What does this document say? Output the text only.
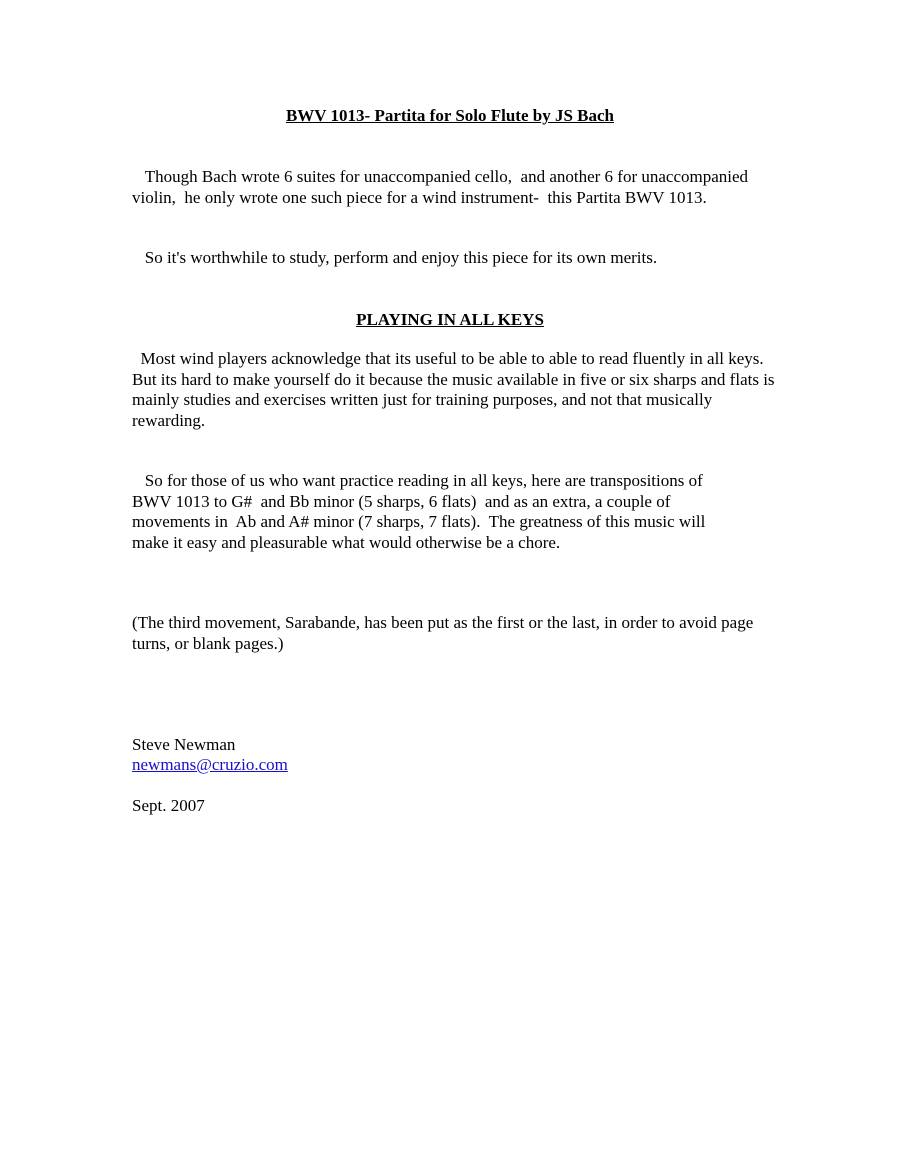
BWV 1013- Partita for Solo Flute by JS Bach

Though Bach wrote 6 suites for unaccompanied cello,  and another 6 for unaccompanied violin,  he only wrote one such piece for a wind instrument-  this Partita BWV 1013.

So it's worthwhile to study, perform and enjoy this piece for its own merits.

PLAYING IN ALL KEYS

Most wind players acknowledge that its useful to be able to able to read fluently in all keys.  But its hard to make yourself do it because the music available in five or six sharps and flats is mainly studies and exercises written just for training purposes, and not that musically rewarding.

So for those of us who want practice reading in all keys, here are transpositions of BWV 1013 to G#  and Bb minor (5 sharps, 6 flats)  and as an extra, a couple of movements in  Ab and A# minor (7 sharps, 7 flats).  The greatness of this music will make it easy and pleasurable what would otherwise be a chore.

(The third movement, Sarabande, has been put as the first or the last, in order to avoid page turns, or blank pages.)

Steve Newman

newmans@cruzio.com

Sept. 2007
